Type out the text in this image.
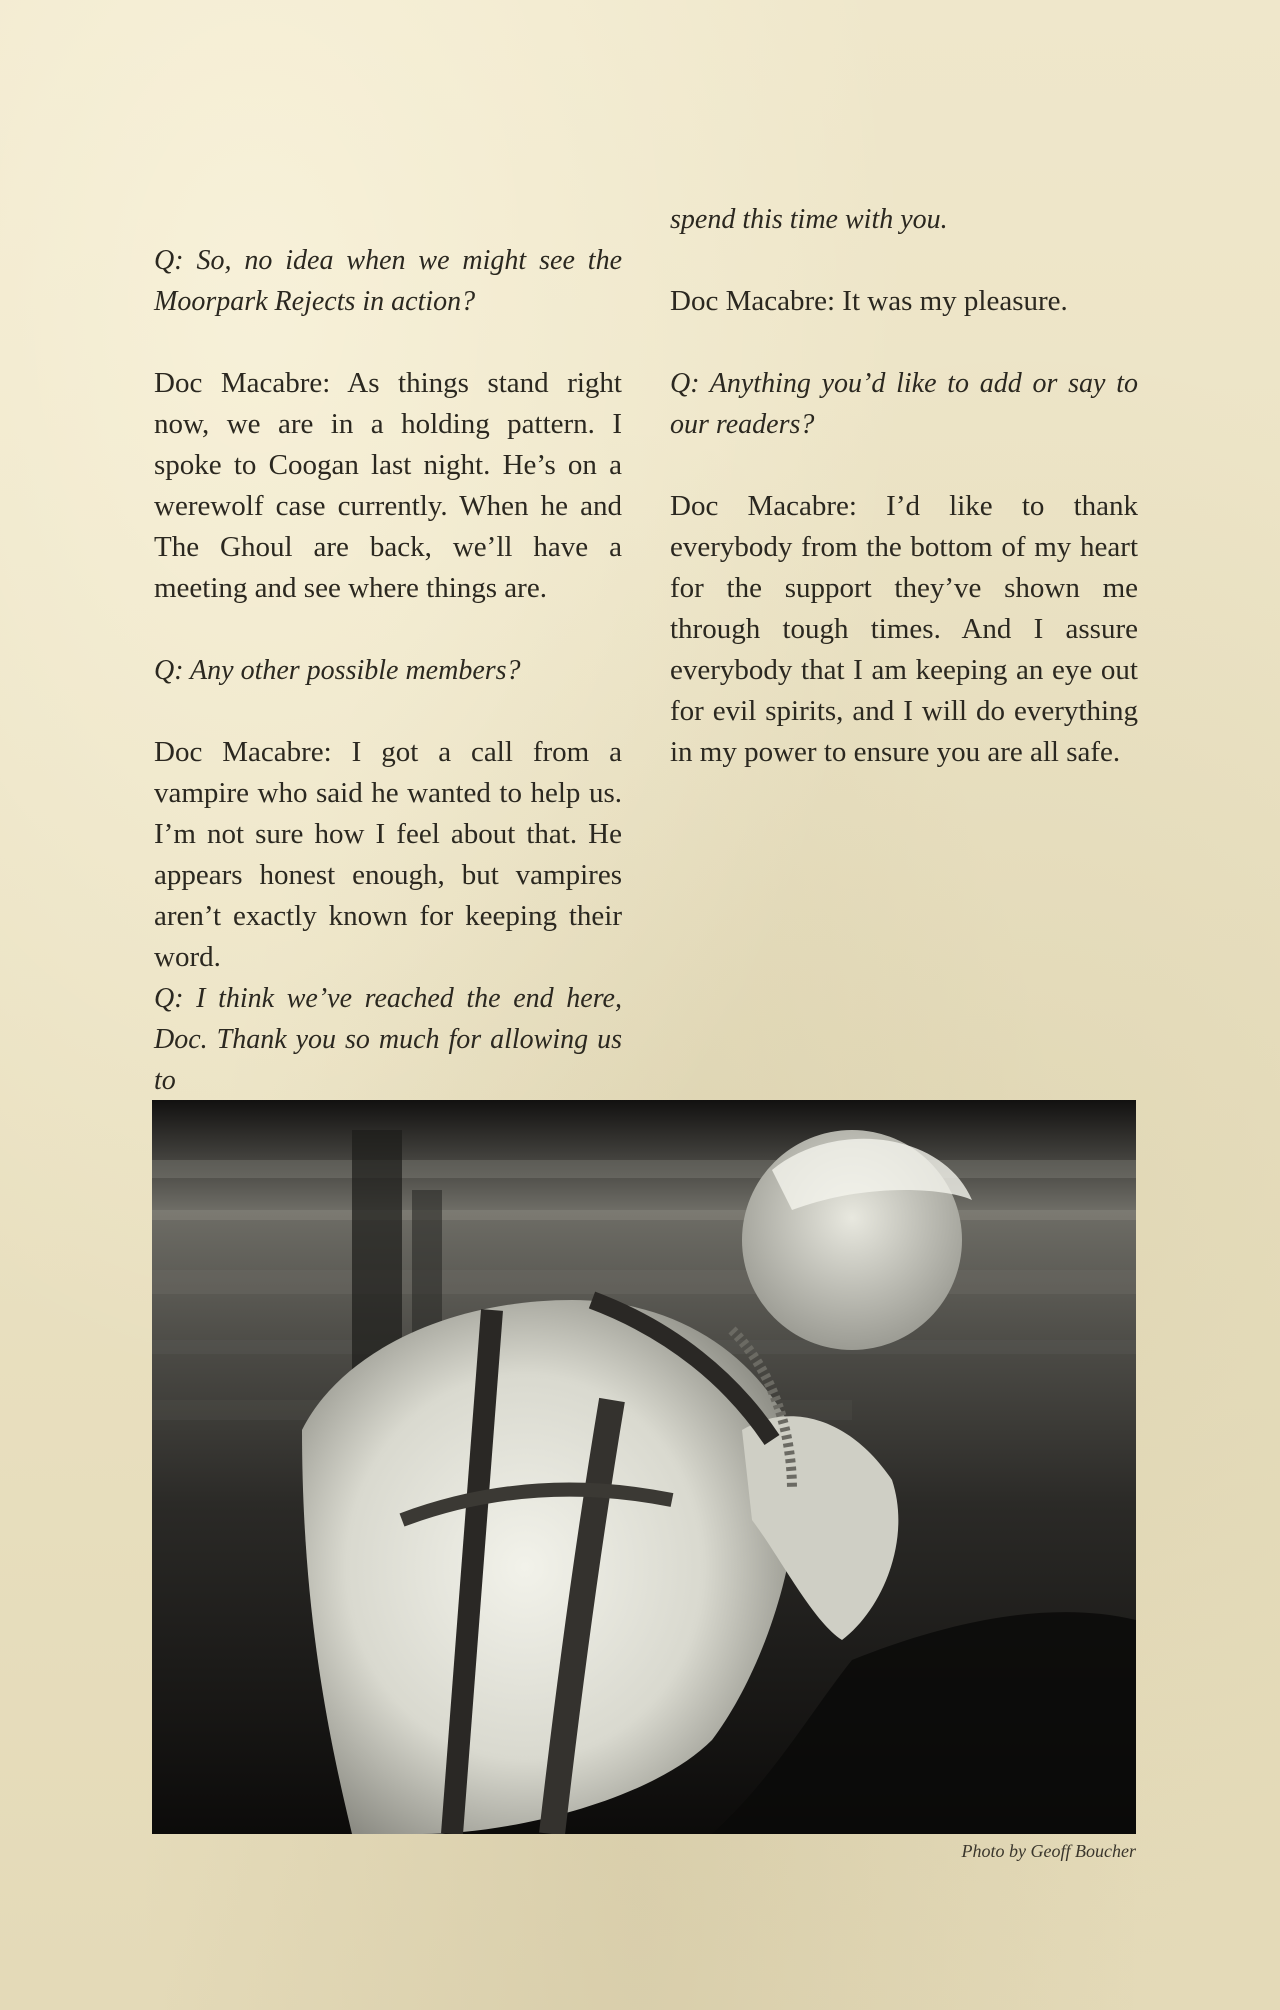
Q: So, no idea when we might see the Moorpark Rejects in action?

Doc Macabre: As things stand right now, we are in a holding pattern. I spoke to Coogan last night. He’s on a werewolf case currently. When he and The Ghoul are back, we’ll have a meeting and see where things are.

Q: Any other possible members?

Doc Macabre: I got a call from a vampire who said he wanted to help us. I’m not sure how I feel about that. He appears honest enough, but vampires aren’t exactly known for keeping their word.

Q: I think we’ve reached the end here, Doc. Thank you so much for allowing us to

spend this time with you.

Doc Macabre: It was my pleasure.

Q: Anything you’d like to add or say to our readers?

Doc Macabre: I’d like to thank everybody from the bottom of my heart for the support they’ve shown me through tough times. And I assure everybody that I am keeping an eye out for evil spirits, and I will do everything in my power to ensure you are all safe.

Photo by Geoff Boucher
